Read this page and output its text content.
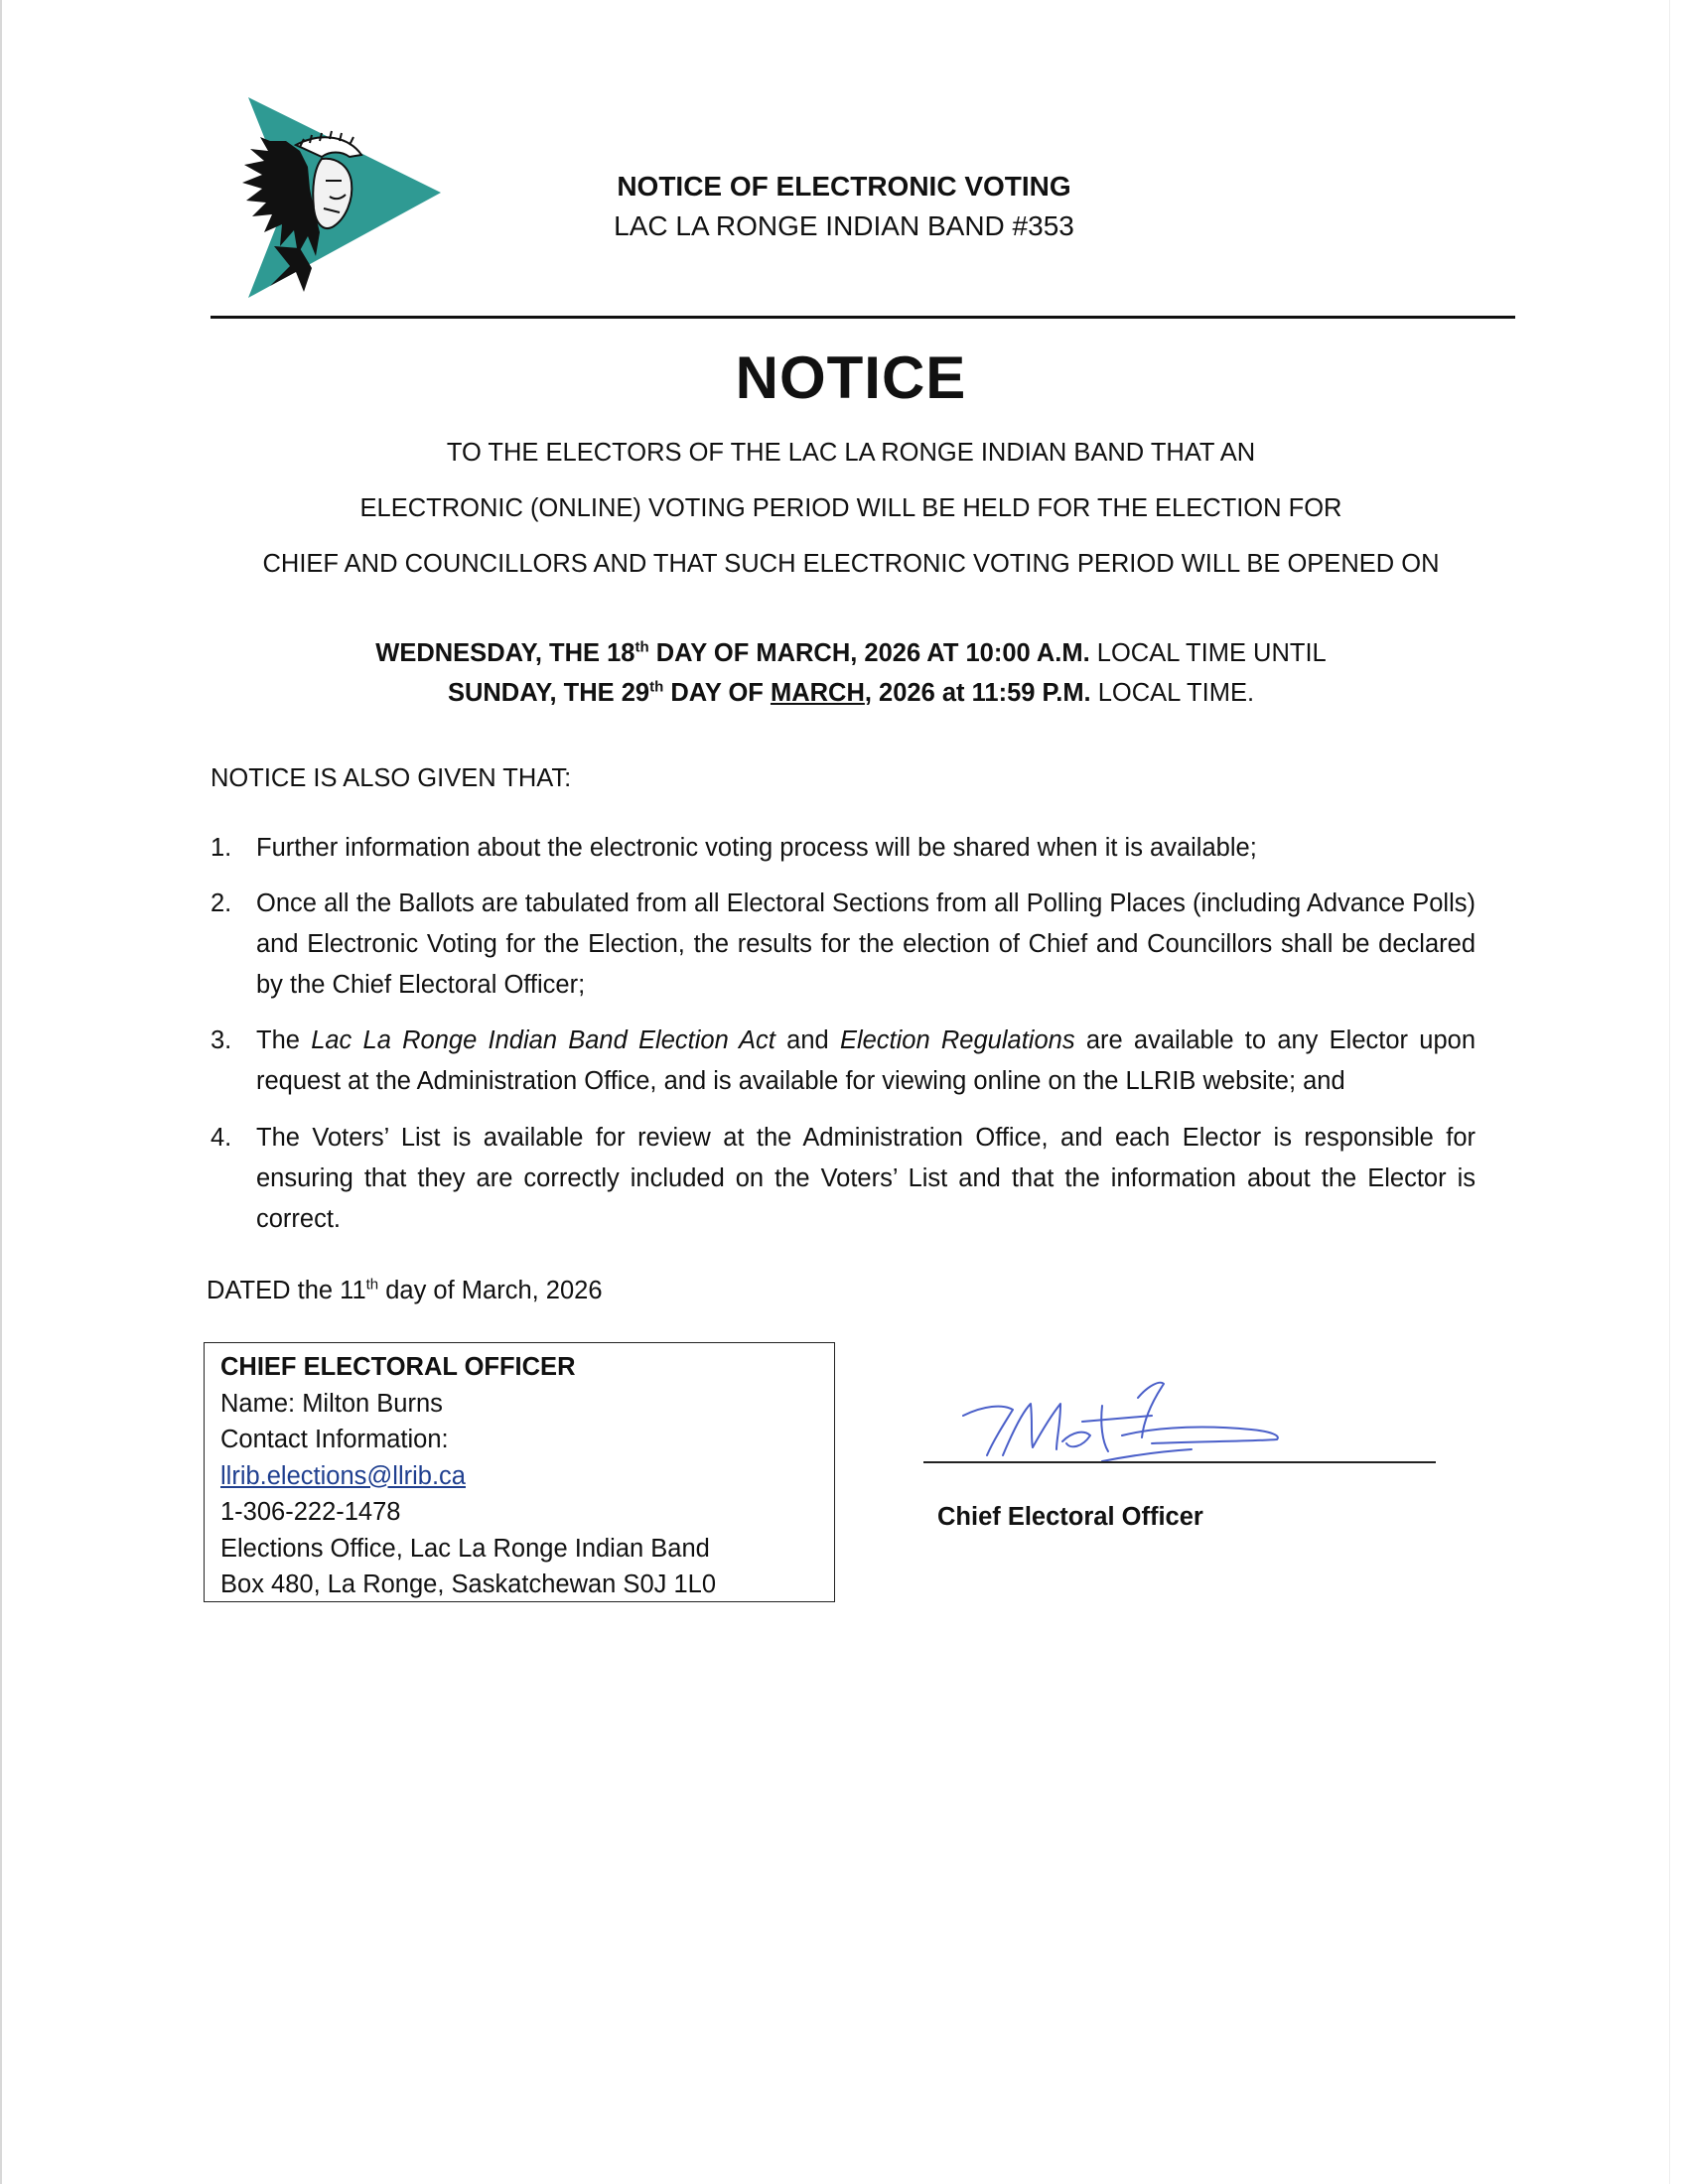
NOTICE OF ELECTRONIC VOTING
LAC LA RONGE INDIAN BAND #353
NOTICE
TO THE ELECTORS OF THE LAC LA RONGE INDIAN BAND THAT AN
ELECTRONIC (ONLINE) VOTING PERIOD WILL BE HELD FOR THE ELECTION FOR
CHIEF AND COUNCILLORS AND THAT SUCH ELECTRONIC VOTING PERIOD WILL BE OPENED ON
WEDNESDAY, THE 18th DAY OF MARCH, 2026 AT 10:00 A.M. LOCAL TIME UNTIL
SUNDAY, THE 29th DAY OF MARCH, 2026 at 11:59 P.M. LOCAL TIME.
NOTICE IS ALSO GIVEN THAT:
1. Further information about the electronic voting process will be shared when it is available;
2. Once all the Ballots are tabulated from all Electoral Sections from all Polling Places (including Advance Polls) and Electronic Voting for the Election, the results for the election of Chief and Councillors shall be declared by the Chief Electoral Officer;
3. The Lac La Ronge Indian Band Election Act and Election Regulations are available to any Elector upon request at the Administration Office, and is available for viewing online on the LLRIB website; and
4. The Voters’ List is available for review at the Administration Office, and each Elector is responsible for ensuring that they are correctly included on the Voters’ List and that the information about the Elector is correct.
DATED the 11th day of March, 2026
CHIEF ELECTORAL OFFICER
Name: Milton Burns
Contact Information:
llrib.elections@llrib.ca
1-306-222-1478
Elections Office, Lac La Ronge Indian Band
Box 480, La Ronge, Saskatchewan S0J 1L0
Chief Electoral Officer
